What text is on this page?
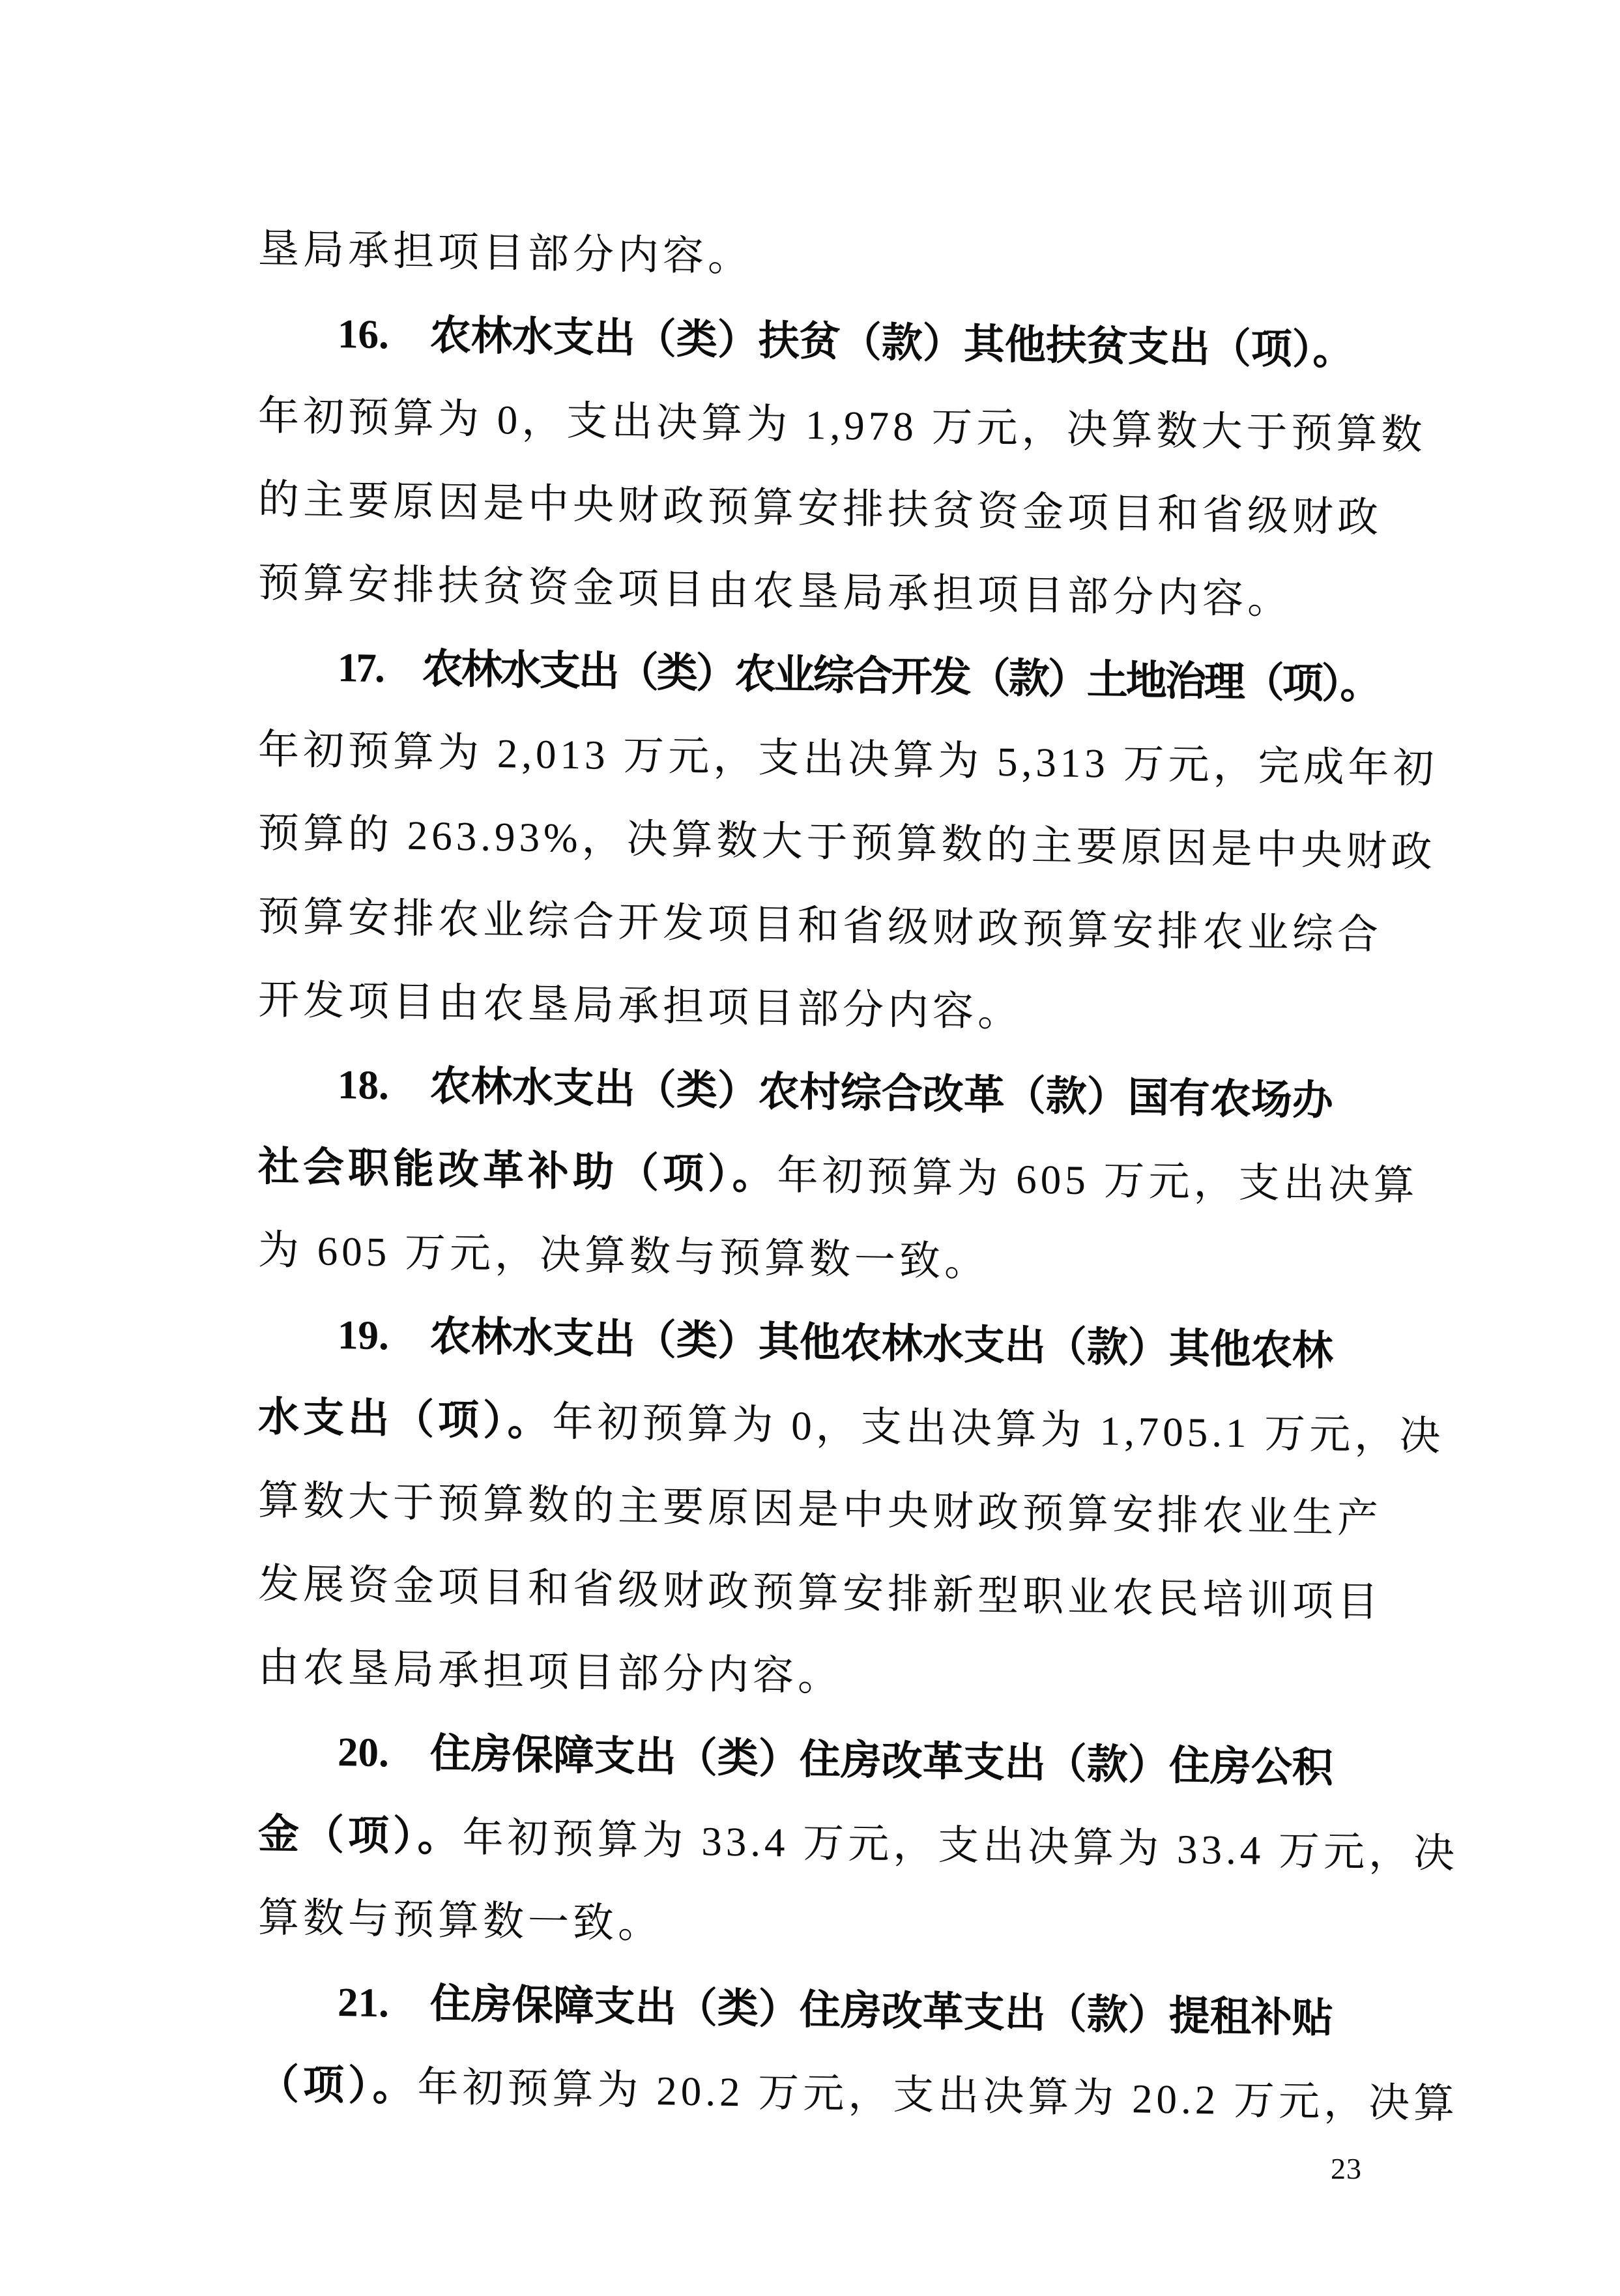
垦局承担项目部分内容。
16.　农林水支出（类）扶贫（款）其他扶贫支出（项）。
年初预算为 0，支出决算为 1,978 万元，决算数大于预算数
的主要原因是中央财政预算安排扶贫资金项目和省级财政
预算安排扶贫资金项目由农垦局承担项目部分内容。
17.　农林水支出（类）农业综合开发（款）土地治理（项）。
年初预算为 2,013 万元，支出决算为 5,313 万元，完成年初
预算的 263.93%，决算数大于预算数的主要原因是中央财政
预算安排农业综合开发项目和省级财政预算安排农业综合
开发项目由农垦局承担项目部分内容。
18.　农林水支出（类）农村综合改革（款）国有农场办
社会职能改革补助（项）。年初预算为 605 万元，支出决算
为 605 万元，决算数与预算数一致。
19.　农林水支出（类）其他农林水支出（款）其他农林
水支出（项）。年初预算为 0，支出决算为 1,705.1 万元，决
算数大于预算数的主要原因是中央财政预算安排农业生产
发展资金项目和省级财政预算安排新型职业农民培训项目
由农垦局承担项目部分内容。
20.　住房保障支出（类）住房改革支出（款）住房公积
金（项）。年初预算为 33.4 万元，支出决算为 33.4 万元，决
算数与预算数一致。
21.　住房保障支出（类）住房改革支出（款）提租补贴
（项）。年初预算为 20.2 万元，支出决算为 20.2 万元，决算
23
